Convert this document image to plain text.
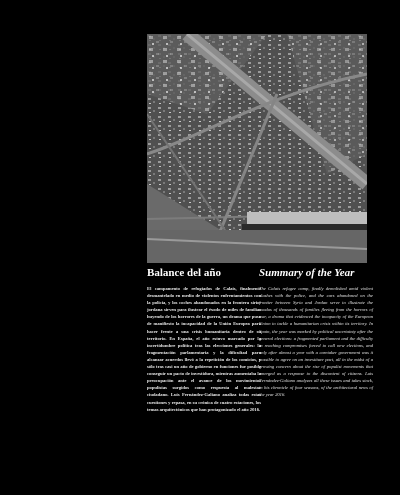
Balance del año

El campamento de refugiados de Calais, finalmente desmantelado en medio de violentos enfrentamientos con la policía, y los coches abandonados en la frontera sirio-jordana sirven para ilustrar el éxodo de miles de familias huyendo de los horrores de la guerra, un drama que puso de manifiesto la incapacidad de la Unión Europea para hacer frente a una crisis humanitaria dentro de su territorio. En España, el año estuvo marcado por la incertidumbre política tras las elecciones generales: la fragmentación parlamentaria y la dificultad para alcanzar acuerdos llevó a la repetición de los comicios, y sólo tras casi un año de gobierno en funciones fue posible conseguir un pacto de investidura, mientras aumentaba la preocupación ante el avance de los movimientos populistas surgidos como respuesta al malestar ciudadano. Luis Fernández-Galiano analiza todas estas cuestiones y repasa, en su crónica de cuatro estaciones, los temas arquitectónicos que han protagonizado el año 2016.

Summary of the Year

The Calais refugee camp, finally demolished amid violent clashes with the police, and the cars abandoned on the frontier between Syria and Jordan serve to illustrate the exodus of thousands of families fleeing from the horrors of war, a drama that evidenced the incapacity of the European Union to tackle a humanitarian crisis within its territory. In Spain, the year was marked by political uncertainty after the general elections: a fragmented parliament and the difficulty in reaching compromises forced to call new elections, and only after almost a year with a caretaker government was it possible to agree on an investiture pact, all in the midst of a growing concern about the rise of populist movements that emerged as a response to the discontent of citizens. Luis Fernández-Galiano analyzes all these issues and takes stock, in his chronicle of four seasons, of the architectural news of the year 2016.
